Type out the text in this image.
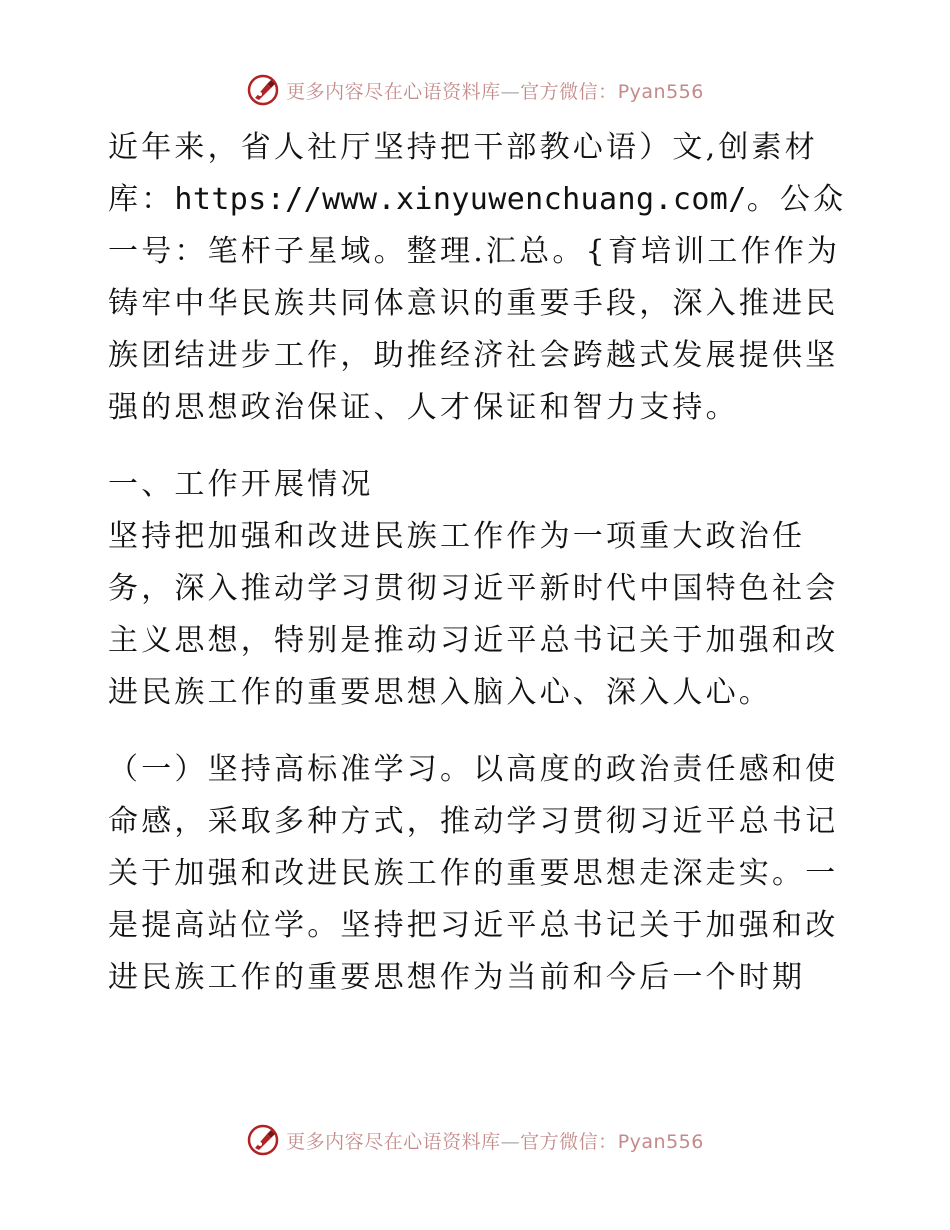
更多内容尽在心语资料库—官方微信：Pyan556

近年来，省人社厅坚持把干部教心语）文,创素材库：https://www.xinyuwenchuang.com/。公众一号：笔杆子星域。整理.汇总。{育培训工作作为铸牢中华民族共同体意识的重要手段，深入推进民族团结进步工作，助推经济社会跨越式发展提供坚强的思想政治保证、人才保证和智力支持。

一、工作开展情况

坚持把加强和改进民族工作作为一项重大政治任务，深入推动学习贯彻习近平新时代中国特色社会主义思想，特别是推动习近平总书记关于加强和改进民族工作的重要思想入脑入心、深入人心。

（一）坚持高标准学习。以高度的政治责任感和使命感，采取多种方式，推动学习贯彻习近平总书记关于加强和改进民族工作的重要思想走深走实。一是提高站位学。坚持把习近平总书记关于加强和改进民族工作的重要思想作为当前和今后一个时期

更多内容尽在心语资料库—官方微信：Pyan556
